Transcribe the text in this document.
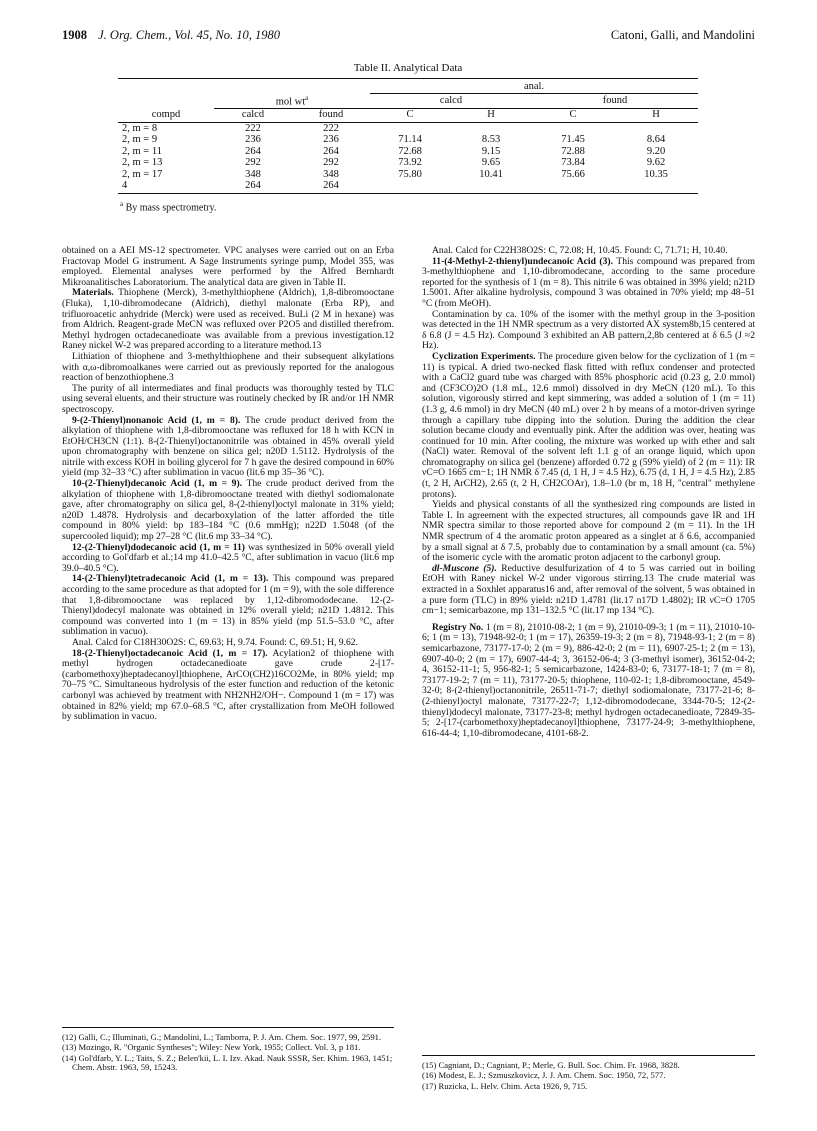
1908 J. Org. Chem., Vol. 45, No. 10, 1980	Catoni, Galli, and Mandolini
Table II. Analytical Data
			anal.			
	mol $wt^a$		calcd		found	
compd	calcd	found	C	H	C	H
2, m = 8	222	222				
2, m = 9	236	236	71.14	8.53	71.45	8.64
2, m = 11	264	264	72.68	9.15	72.88	9.20
2, m = 13	292	292	73.92	9.65	73.84	9.62
2, m = 17	348	348	75.80	10.41	75.66	10.35
4	264	264				
$^a$ By mass spectrometry.

obtained on a AEI MS-12 spectrometer. VPC analyses were carried out on an Erba Fractovap Model G instrument. A Sage Instruments syringe pump, Model 355, was employed. Elemental analyses were performed by the Alfred Bernhardt Mikroanalitisches Laboratorium. The analytical data are given in Table II.

Materials. Thiophene (Merck), 3-methylthiophene (Aldrich), 1,8-dibromooctane (Fluka), 1,10-dibromodecane (Aldrich), diethyl malonate (Erba RP), and trifluoroacetic anhydride (Merck) were used as received. BuLi (2 M in hexane) was from Aldrich. Reagent-grade MeCN was refluxed over P2O5 and distilled therefrom. Methyl hydrogen octadecanedioate was available from a previous investigation.12 Raney nickel W-2 was prepared according to a literature method.13

Lithiation of thiophene and 3-methylthiophene and their subsequent alkylations with α,ω-dibromoalkanes were carried out as previously reported for the analogous reaction of benzothiophene.3

The purity of all intermediates and final products was thoroughly tested by TLC using several eluents, and their structure was routinely checked by IR and/or 1H NMR spectroscopy.

9-(2-Thienyl)nonanoic Acid (1, m = 8). The crude product derived from the alkylation of thiophene with 1,8-dibromooctane was refluxed for 18 h with KCN in EtOH/CH3CN (1:1). 8-(2-Thienyl)octanonitrile was obtained in 45% overall yield upon chromatography with benzene on silica gel; n20D 1.5112. Hydrolysis of the nitrile with excess KOH in boiling glycerol for 7 h gave the desired compound in 60% yield (mp 32–33 °C) after sublimation in vacuo (lit.6 mp 35–36 °C).

10-(2-Thienyl)decanoic Acid (1, m = 9). The crude product derived from the alkylation of thiophene with 1,8-dibromooctane treated with diethyl sodiomalonate gave, after chromatography on silica gel, 8-(2-thienyl)octyl malonate in 31% yield; n20D 1.4878. Hydrolysis and decarboxylation of the latter afforded the title compound in 80% yield: bp 183–184 °C (0.6 mmHg); n22D 1.5048 (of the supercooled liquid); mp 27–28 °C (lit.6 mp 33–34 °C).

12-(2-Thienyl)dodecanoic acid (1, m = 11) was synthesized in 50% overall yield according to Gol'dfarb et al.;14 mp 41.0–42.5 °C, after sublimation in vacuo (lit.6 mp 39.0–40.5 °C).

14-(2-Thienyl)tetradecanoic Acid (1, m = 13). This compound was prepared according to the same procedure as that adopted for 1 (m = 9), with the sole difference that 1,8-dibromooctane was replaced by 1,12-dibromododecane. 12-(2-Thienyl)dodecyl malonate was obtained in 12% overall yield; n21D 1.4812. This compound was converted into 1 (m = 13) in 85% yield (mp 51.5–53.0 °C, after sublimation in vacuo).

Anal. Calcd for C18H30O2S: C, 69.63; H, 9.74. Found: C, 69.51; H, 9.62.

18-(2-Thienyl)octadecanoic Acid (1, m = 17). Acylation2 of thiophene with methyl hydrogen octadecanedioate gave crude 2-[17-(carbomethoxy)heptadecanoyl]thiophene, ArCO(CH2)16CO2Me, in 80% yield; mp 70–75 °C. Simultaneous hydrolysis of the ester function and reduction of the ketonic carbonyl was achieved by treatment with NH2NH2/OH−. Compound 1 (m = 17) was obtained in 82% yield; mp 67.0–68.5 °C, after crystallization from MeOH followed by sublimation in vacuo.

Anal. Calcd for C22H38O2S: C, 72.08; H, 10.45. Found: C, 71.71; H, 10.40.

11-(4-Methyl-2-thienyl)undecanoic Acid (3). This compound was prepared from 3-methylthiophene and 1,10-dibromodecane, according to the same procedure reported for the synthesis of 1 (m = 8). This nitrile 6 was obtained in 39% yield; n21D 1.5001. After alkaline hydrolysis, compound 3 was obtained in 70% yield; mp 48–51 °C (from MeOH).

Contamination by ca. 10% of the isomer with the methyl group in the 3-position was detected in the 1H NMR spectrum as a very distorted AX system8b,15 centered at δ 6.8 (J = 4.5 Hz). Compound 3 exhibited an AB pattern,2,8b centered at δ 6.5 (J ≈2 Hz).

Cyclization Experiments. The procedure given below for the cyclization of 1 (m = 11) is typical. A dried two-necked flask fitted with reflux condenser and protected with a CaCl2 guard tube was charged with 85% phosphoric acid (0.23 g, 2.0 mmol) and (CF3CO)2O (1.8 mL, 12.6 mmol) dissolved in dry MeCN (120 mL). To this solution, vigorously stirred and kept simmering, was added a solution of 1 (m = 11) (1.3 g, 4.6 mmol) in dry MeCN (40 mL) over 2 h by means of a motor-driven syringe through a capillary tube dipping into the solution. During the addition the clear solution became cloudy and eventually pink. After the addition was over, heating was continued for 10 min. After cooling, the mixture was worked up with ether and salt (NaCl) water. Removal of the solvent left 1.1 g of an orange liquid, which upon chromatography on silica gel (benzene) afforded 0.72 g (59% yield) of 2 (m = 11): IR νC=O 1665 cm−1; 1H NMR δ 7.45 (d, 1 H, J = 4.5 Hz), 6.75 (d, 1 H, J = 4.5 Hz), 2.85 (t, 2 H, ArCH2), 2.65 (t, 2 H, CH2COAr), 1.8–1.0 (br m, 18 H, "central" methylene protons).

Yields and physical constants of all the synthesized ring compounds are listed in Table I. In agreement with the expected structures, all compounds gave IR and 1H NMR spectra similar to those reported above for compound 2 (m = 11). In the 1H NMR spectrum of 4 the aromatic proton appeared as a singlet at δ 6.6, accompanied by a small signal at δ 7.5, probably due to contamination by a small amount (ca. 5%) of the isomeric cycle with the aromatic proton adjacent to the carbonyl group.

dl-Muscone (5). Reductive desulfurization of 4 to 5 was carried out in boiling EtOH with Raney nickel W-2 under vigorous stirring.13 The crude material was extracted in a Soxhlet apparatus16 and, after removal of the solvent, 5 was obtained in a pure form (TLC) in 89% yield: n21D 1.4781 (lit.17 n17D 1.4802); IR νC=O 1705 cm−1; semicarbazone, mp 131–132.5 °C (lit.17 mp 134 °C).

Registry No. 1 (m = 8), 21010-08-2; 1 (m = 9), 21010-09-3; 1 (m = 11), 21010-10-6; 1 (m = 13), 71948-92-0; 1 (m = 17), 26359-19-3; 2 (m = 8), 71948-93-1; 2 (m = 8) semicarbazone, 73177-17-0; 2 (m = 9), 886-42-0; 2 (m = 11), 6907-25-1; 2 (m = 13), 6907-40-0; 2 (m = 17), 6907-44-4; 3, 36152-06-4; 3 (3-methyl isomer), 36152-04-2; 4, 36152-11-1; 5, 956-82-1; 5 semicarbazone, 1424-83-0; 6, 73177-18-1; 7 (m = 8), 73177-19-2; 7 (m = 11), 73177-20-5; thiophene, 110-02-1; 1,8-dibromooctane, 4549-32-0; 8-(2-thienyl)octanonitrile, 26511-71-7; diethyl sodiomalonate, 73177-21-6; 8-(2-thienyl)octyl malonate, 73177-22-7; 1,12-dibromododecane, 3344-70-5; 12-(2-thienyl)dodecyl malonate, 73177-23-8; methyl hydrogen octadecanedioate, 72849-35-5; 2-[17-(carbomethoxy)heptadecanoyl]thiophene, 73177-24-9; 3-methylthiophene, 616-44-4; 1,10-dibromodecane, 4101-68-2.

(12) Galli, C.; Illuminati, G.; Mandolini, L.; Tamborra, P. J. Am. Chem. Soc. 1977, 99, 2591.

(13) Mozingo, R. "Organic Syntheses"; Wiley: New York, 1955; Collect. Vol. 3, p 181.

(14) Gol'dfarb, Y. L.; Taits, S. Z.; Belen'kii, L. I. Izv. Akad. Nauk SSSR, Ser. Khim. 1963, 1451; Chem. Abstr. 1963, 59, 15243.	(15) Cagniant, D.; Cagniant, P.; Merle, G. Bull. Soc. Chim. Fr. 1968, 3828.

(16) Modest, E. J.; Szmuszkovicz, J. J. Am. Chem. Soc. 1950, 72, 577.

(17) Ruzicka, L. Helv. Chim. Acta 1926, 9, 715.
